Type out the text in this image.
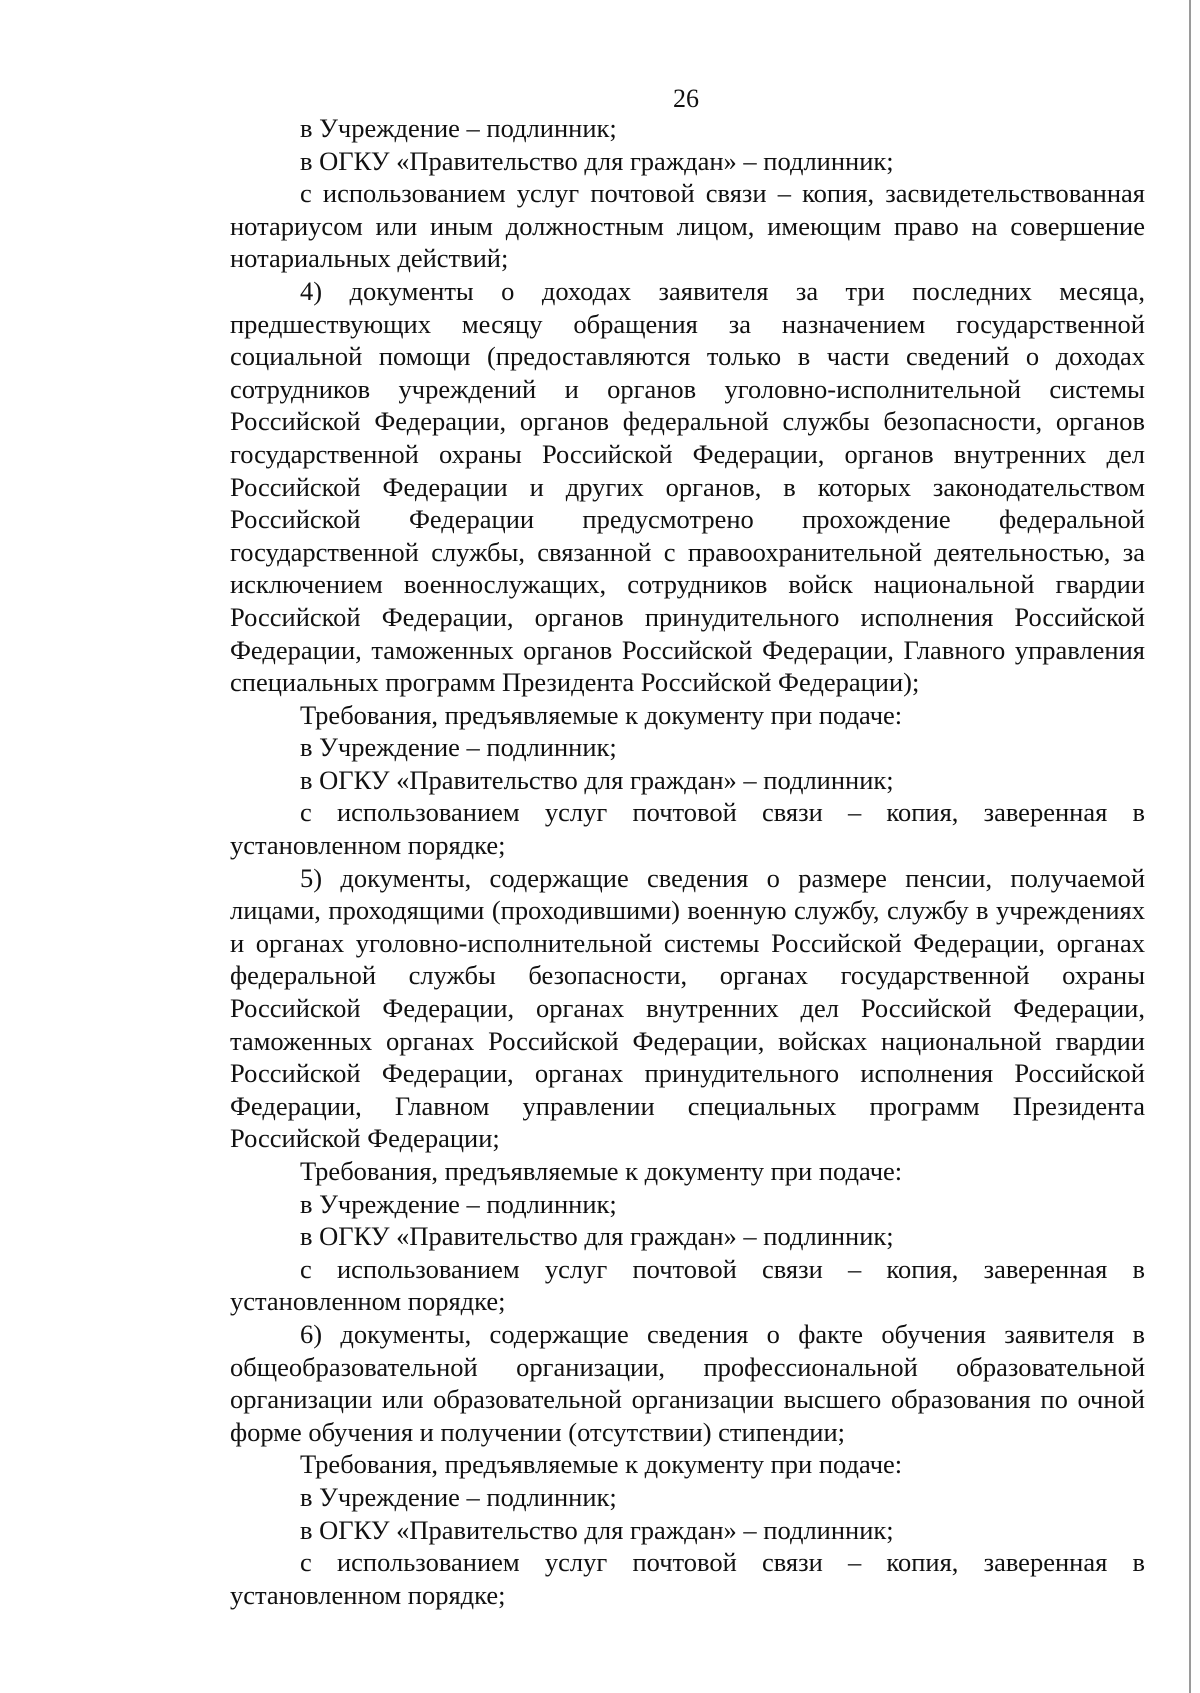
26

в Учреждение – подлинник;

в ОГКУ «Правительство для граждан» – подлинник;

с использованием услуг почтовой связи – копия, засвидетельствованная нотариусом или иным должностным лицом, имеющим право на совершение нотариальных действий;

4) документы о доходах заявителя за три последних месяца, предшествующих месяцу обращения за назначением государственной социальной помощи (предоставляются только в части сведений о доходах сотрудников учреждений и органов уголовно-исполнительной системы Российской Федерации, органов федеральной службы безопасности, органов государственной охраны Российской Федерации, органов внутренних дел Российской Федерации и других органов, в которых законодательством Российской Федерации предусмотрено прохождение федеральной государственной службы, связанной с правоохранительной деятельностью, за исключением военнослужащих, сотрудников войск национальной гвардии Российской Федерации, органов принудительного исполнения Российской Федерации, таможенных органов Российской Федерации, Главного управления специальных программ Президента Российской Федерации);

Требования, предъявляемые к документу при подаче:

в Учреждение – подлинник;

в ОГКУ «Правительство для граждан» – подлинник;

с использованием услуг почтовой связи – копия, заверенная в установленном порядке;

5) документы, содержащие сведения о размере пенсии, получаемой лицами, проходящими (проходившими) военную службу, службу в учреждениях и органах уголовно-исполнительной системы Российской Федерации, органах федеральной службы безопасности, органах государственной охраны Российской Федерации, органах внутренних дел Российской Федерации, таможенных органах Российской Федерации, войсках национальной гвардии Российской Федерации, органах принудительного исполнения Российской Федерации, Главном управлении специальных программ Президента Российской Федерации;

Требования, предъявляемые к документу при подаче:

в Учреждение – подлинник;

в ОГКУ «Правительство для граждан» – подлинник;

с использованием услуг почтовой связи – копия, заверенная в установленном порядке;

6) документы, содержащие сведения о факте обучения заявителя в общеобразовательной организации, профессиональной образовательной организации или образовательной организации высшего образования по очной форме обучения и получении (отсутствии) стипендии;

Требования, предъявляемые к документу при подаче:

в Учреждение – подлинник;

в ОГКУ «Правительство для граждан» – подлинник;

с использованием услуг почтовой связи – копия, заверенная в установленном порядке;
